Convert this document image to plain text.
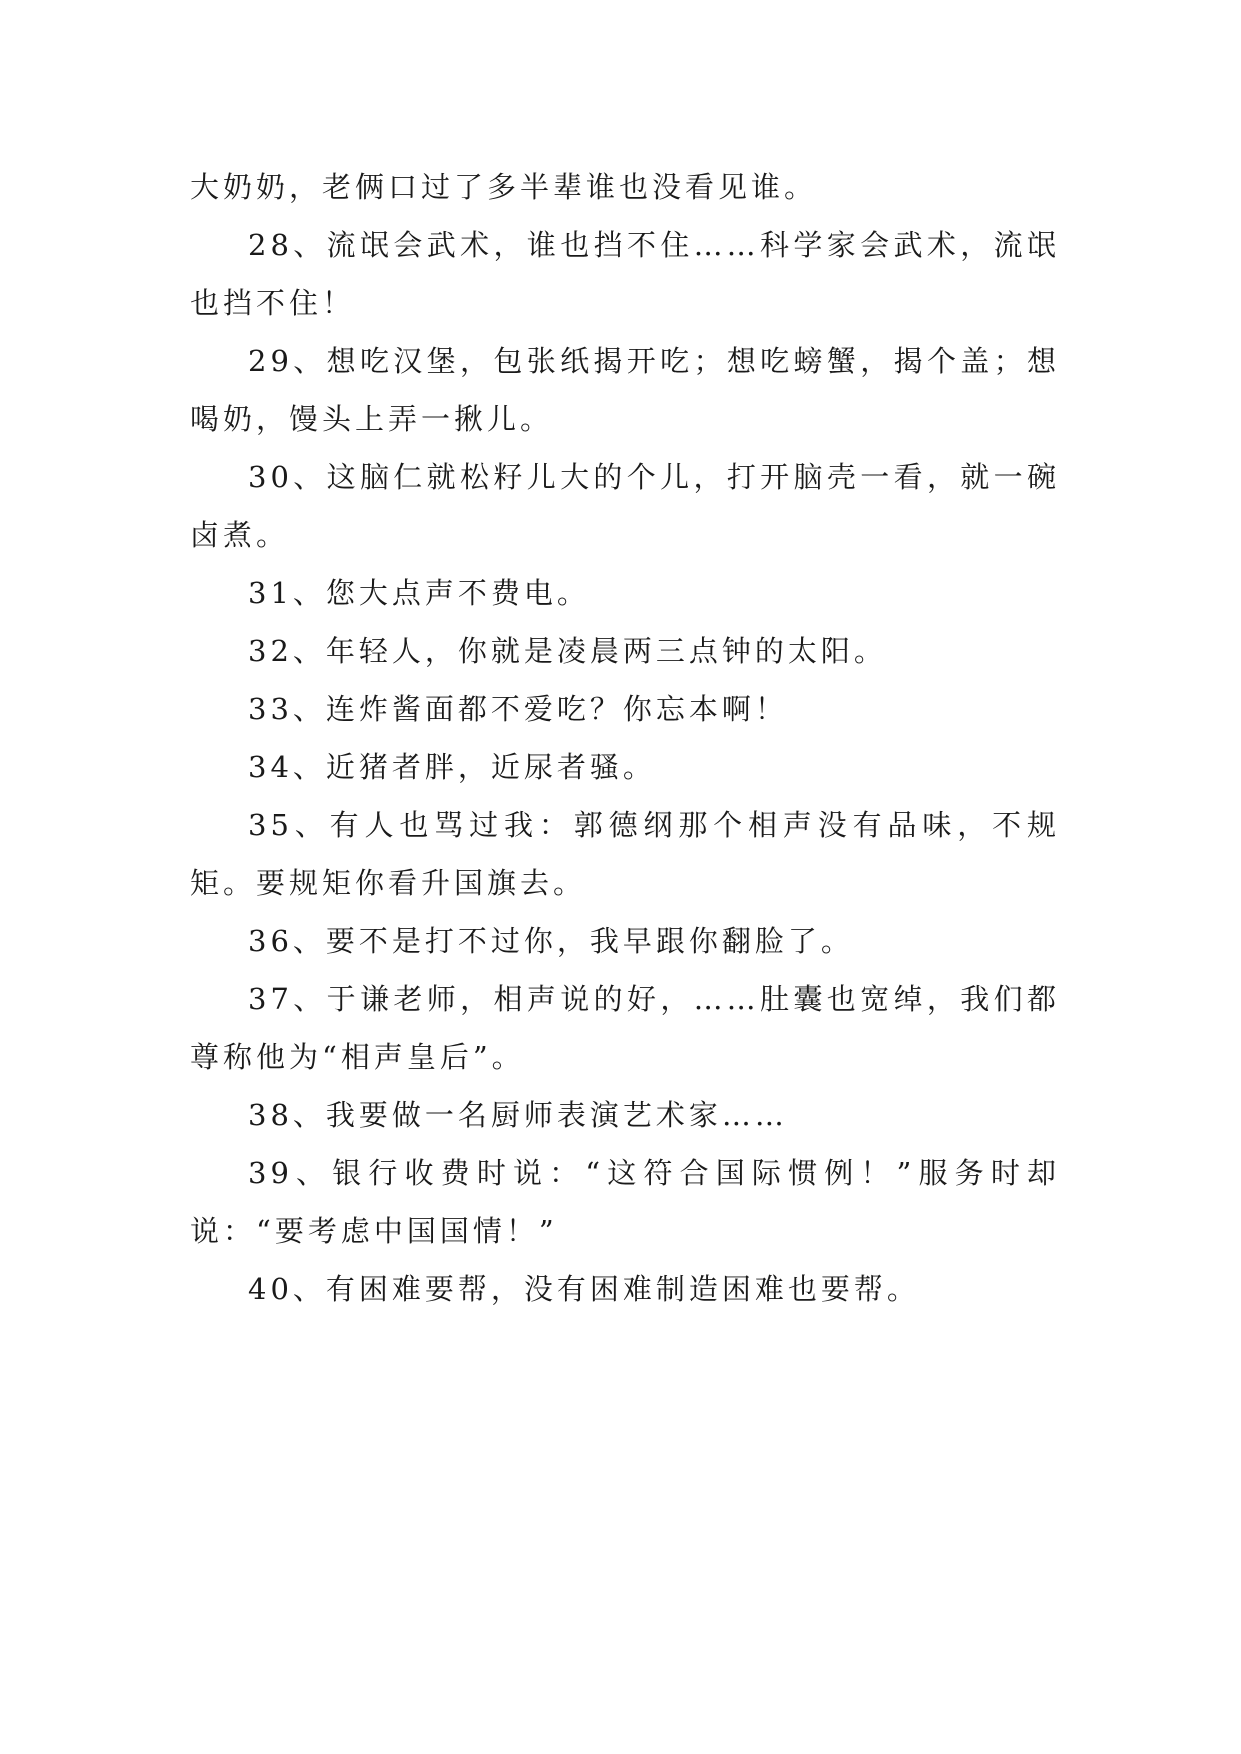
大奶奶，老俩口过了多半辈谁也没看见谁。

28、流氓会武术，谁也挡不住……科学家会武术，流氓也挡不住！

29、想吃汉堡，包张纸揭开吃；想吃螃蟹，揭个盖；想喝奶，馒头上弄一揪儿。

30、这脑仁就松籽儿大的个儿，打开脑壳一看，就一碗卤煮。

31、您大点声不费电。

32、年轻人，你就是凌晨两三点钟的太阳。

33、连炸酱面都不爱吃？你忘本啊！

34、近猪者胖，近尿者骚。

35、有人也骂过我：郭德纲那个相声没有品味，不规矩。要规矩你看升国旗去。

36、要不是打不过你，我早跟你翻脸了。

37、于谦老师，相声说的好，……肚囊也宽绰，我们都尊称他为“相声皇后”。

38、我要做一名厨师表演艺术家……

39、银行收费时说：“这符合国际惯例！”服务时却说：“要考虑中国国情！”

40、有困难要帮，没有困难制造困难也要帮。
